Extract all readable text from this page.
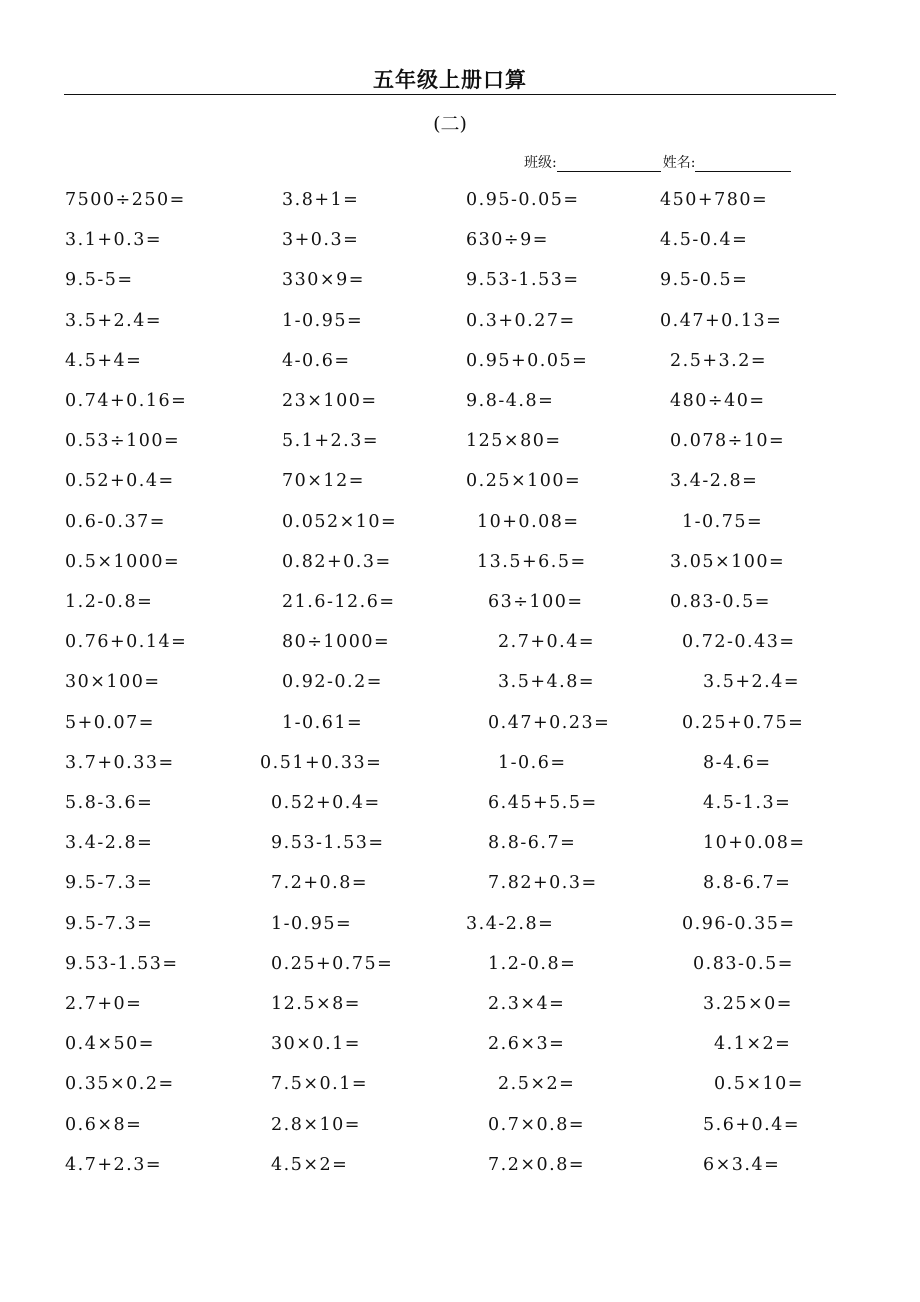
五年级上册口算
(二)
班级:	姓名:
7500÷250=	3.8+1=	0.95-0.05=	450+780=
3.1+0.3=	3+0.3=	630÷9=	4.5-0.4=
9.5-5=	330×9=	9.53-1.53=	9.5-0.5=
3.5+2.4=	1-0.95=	0.3+0.27=	0.47+0.13=
4.5+4=	4-0.6=	0.95+0.05=	2.5+3.2=
0.74+0.16=	23×100=	9.8-4.8=	480÷40=
0.53÷100=	5.1+2.3=	125×80=	0.078÷10=
0.52+0.4=	70×12=	0.25×100=	3.4-2.8=
0.6-0.37=	0.052×10=	10+0.08=	1-0.75=
0.5×1000=	0.82+0.3=	13.5+6.5=	3.05×100=
1.2-0.8=	21.6-12.6=	63÷100=	0.83-0.5=
0.76+0.14=	80÷1000=	2.7+0.4=	0.72-0.43=
30×100=	0.92-0.2=	3.5+4.8=	3.5+2.4=
5+0.07=	1-0.61=	0.47+0.23=	0.25+0.75=
3.7+0.33=	0.51+0.33=	1-0.6=	8-4.6=
5.8-3.6=	0.52+0.4=	6.45+5.5=	4.5-1.3=
3.4-2.8=	9.53-1.53=	8.8-6.7=	10+0.08=
9.5-7.3=	7.2+0.8=	7.82+0.3=	8.8-6.7=
9.5-7.3=	1-0.95=	3.4-2.8=	0.96-0.35=
9.53-1.53=	0.25+0.75=	1.2-0.8=	0.83-0.5=
2.7+0=	12.5×8=	2.3×4=	3.25×0=
0.4×50=	30×0.1=	2.6×3=	4.1×2=
0.35×0.2=	7.5×0.1=	2.5×2=	0.5×10=
0.6×8=	2.8×10=	0.7×0.8=	5.6+0.4=
4.7+2.3=	4.5×2=	7.2×0.8=	6×3.4=
